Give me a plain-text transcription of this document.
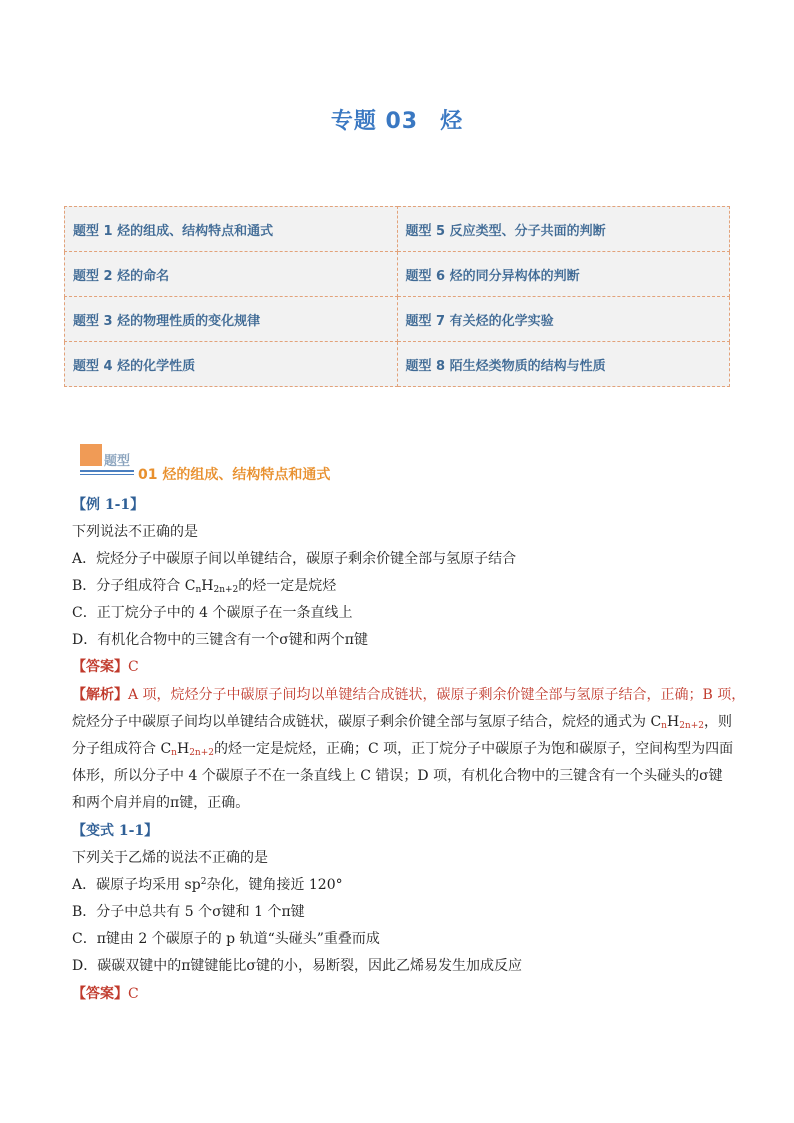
专题 03 烃
题型 1 烃的组成、结构特点和通式	题型 5 反应类型、分子共面的判断
题型 2 烃的命名	题型 6 烃的同分异构体的判断
题型 3 烃的物理性质的变化规律	题型 7 有关烃的化学实验
题型 4 烃的化学性质	题型 8 陌生烃类物质的结构与性质
题型
01 烃的组成、结构特点和通式
【例 1-1】
下列说法不正确的是
A．烷烃分子中碳原子间以单键结合，碳原子剩余价键全部与氢原子结合
B．分子组成符合 $C_nH_{2n+2}$的烃一定是烷烃
C．正丁烷分子中的 4 个碳原子在一条直线上
D．有机化合物中的三键含有一个σ键和两个π键
【答案】C
【解析】A 项，烷烃分子中碳原子间均以单键结合成链状，碳原子剩余价键全部与氢原子结合，正确；B 项，
烷烃分子中碳原子间均以单键结合成链状，碳原子剩余价键全部与氢原子结合，烷烃的通式为 $C_nH_{2n+2}$，则
分子组成符合 $C_nH_{2n+2}$的烃一定是烷烃，正确；C 项，正丁烷分子中碳原子为饱和碳原子，空间构型为四面
体形，所以分子中 4 个碳原子不在一条直线上 C 错误；D 项，有机化合物中的三键含有一个头碰头的σ键
和两个肩并肩的π键，正确。
【变式 1-1】
下列关于乙烯的说法不正确的是
A．碳原子均采用 $sp^2$杂化，键角接近 120°
B．分子中总共有 5 个σ键和 1 个π键
C．π键由 2 个碳原子的 p 轨道“头碰头”重叠而成
D．碳碳双键中的π键键能比σ键的小，易断裂，因此乙烯易发生加成反应
【答案】C
